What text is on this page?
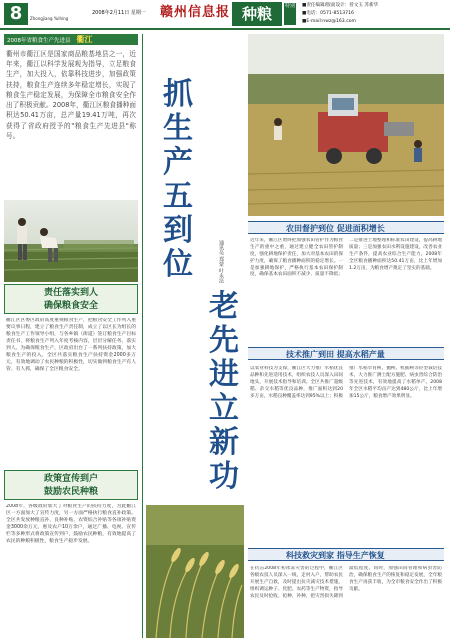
8	Zhongjiang Yulhing
2008年2月11日 星期一 赣州信息报 种粮	特别 ■责任编辑/版面设计：曾文玉 苏新华
■电话：0571-8513716
■E-mail:nwz@163.com
2008年省粮食生产先进县 衢江
衢州市衢江区是国家商品粮基地县之一，近年来，衢江以科学发展观为指导，立足粮食生产，加大投入，依靠科技进步，加强政策扶持，粮食生产连续多年稳定增长，实现了粮食生产稳定发展，为保障全市粮食安全作出了积极贡献。2008年，衢江区粮食播种面积达50.41万亩，总产量19.41万吨，再次获得了省政府授予的"粮食生产先进县"称号。
责任落实到人
确保粮食安全
衢江区区委区政府高度重视粮食生产，把粮食安全工作列入重要议事日程，建立了粮食生产责任制，成立了以区长为组长的粮食生产工作领导小组，与各乡镇（街道）签订粮食生产目标责任书，将粮食生产列入年度考核内容，层层分解任务，落实到人。为确保粮食生产，区政府出台了一系列扶持政策，加大粮食生产的投入，全区共落实粮食生产扶持资金2000多万元，有效地调动了农民种粮的积极性，切实做到粮食生产有人管、有人抓，确保了全区粮食安全。
政策宣传到户
鼓励农民种粮
2008年，各级政府加大了对粮食生产的扶持力度，为此衢江区一方面加大了宣传力度，另一方面严格执行粮食直补政策。全区共发放种粮直补、良种补贴、农资综合补贴等各项补贴资金3000余万元，惠及农户10万余户，通过广播、电视、宣传栏等多种形式将政策宣传到户，鼓励农民种粮，有效地提高了农民的种粮积极性，粮食生产稳步发展。
抓
生
产
五
到
位	通讯员 郑蒙 叶永法
老
先
进
立
新
功
农田督护到位 促进面积增长
近年来，衢江区始终把加强农田管护作为粮食生产的重中之重，通过建立健全农田管护制度，强化耕地保护责任，加大对基本农田的保护力度，确保了粮食播种面积的稳定增长。一是加强耕地保护，严格执行基本农田保护制度，确保基本农田面积不减少、质量不降低；二是推进土地整理和标准农田建设，提高耕地质量；三是加强农田水利设施建设，改善农业生产条件，提高农业综合生产能力。2008年全区粮食播种面积达50.41万亩，比上年增加1.2万亩，为粮食增产奠定了坚实的基础。
技术推广到田 提高水稻产量
以农业科技为支撑，衢江区大力推广水稻优良品种和先进适用技术，组织农技人员深入田间地头，开展技术指导和培训。全区共推广超级稻、杂交水稻等优良品种，推广面积达到20多万亩，水稻良种覆盖率达到95%以上；积极推广水稻旱育秧、抛秧、机插秧等轻型栽培技术，大力推广测土配方施肥、病虫害综合防治等先进技术，有效地提高了水稻单产。2008年全区水稻平均亩产达到480公斤，比上年增加15公斤，粮食增产效果明显。
科技救灾到家 指导生产恢复
在抗击2008年初冰冻灾害的过程中，衢江区各级农技人员深入一线，走村入户，帮助农民开展生产自救，及时提出抗灾减灾技术措施，组织调运种子、化肥、农药等生产物资，指导农民及时抢收、抢种、补种，把灾害损失降到最低程度。同时，加强田间管理和病虫害防治，确保粮食生产的恢复和稳定发展，全年粮食生产再获丰收，为全市粮食安全作出了积极贡献。
